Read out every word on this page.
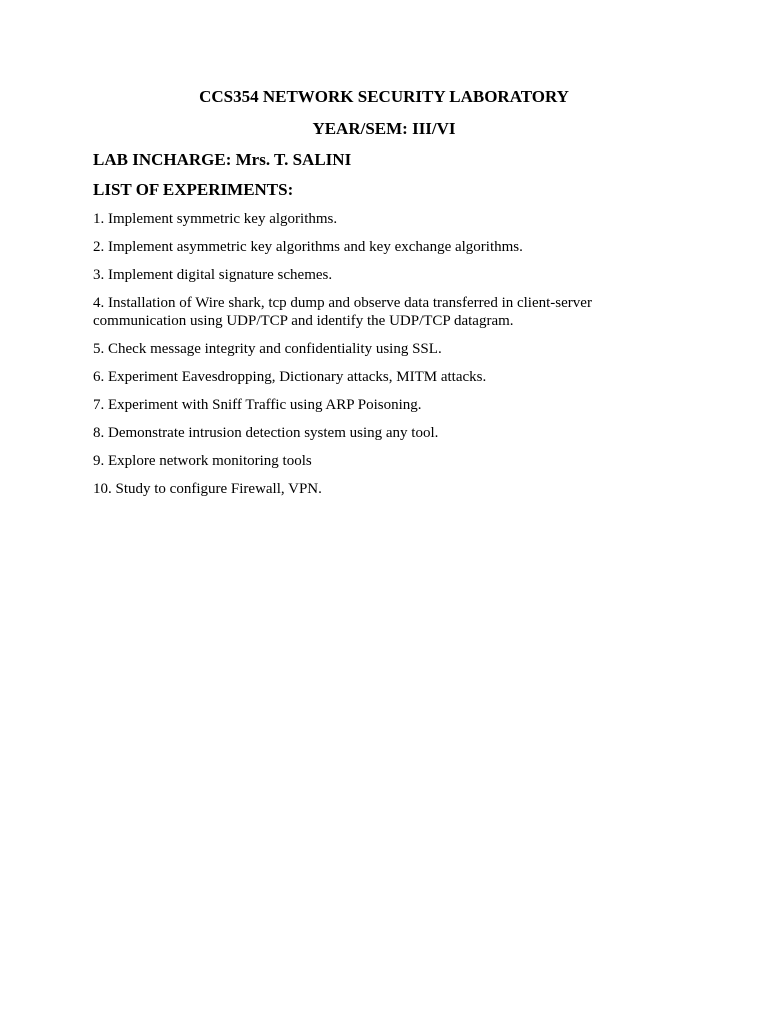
CCS354 NETWORK SECURITY LABORATORY
YEAR/SEM: III/VI

LAB INCHARGE: Mrs. T. SALINI

LIST OF EXPERIMENTS:

1. Implement symmetric key algorithms.
2. Implement asymmetric key algorithms and key exchange algorithms.
3. Implement digital signature schemes.
4. Installation of Wire shark, tcp dump and observe data transferred in client-server communication using UDP/TCP and identify the UDP/TCP datagram.
5. Check message integrity and confidentiality using SSL.
6. Experiment Eavesdropping, Dictionary attacks, MITM attacks.
7. Experiment with Sniff Traffic using ARP Poisoning.
8. Demonstrate intrusion detection system using any tool.
9. Explore network monitoring tools
10. Study to configure Firewall, VPN.
